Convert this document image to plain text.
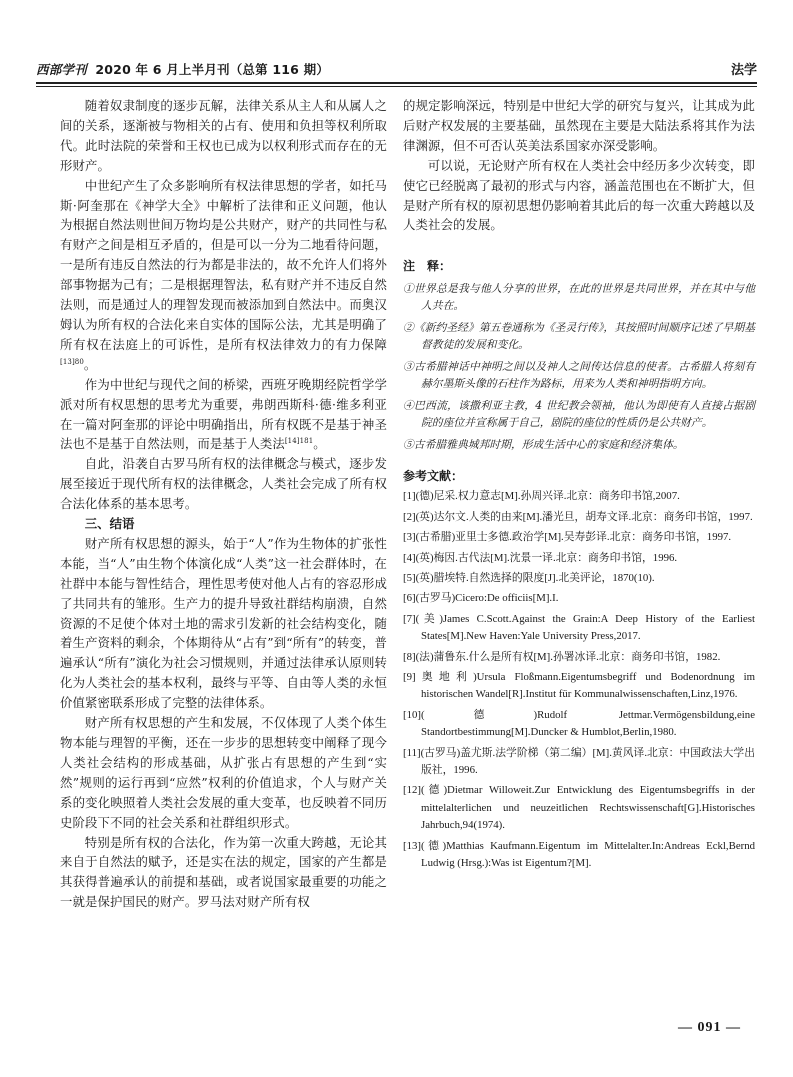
西部学刊 2020 年 6 月上半月刊（总第 116 期）	法学

随着奴隶制度的逐步瓦解，法律关系从主人和从属人之间的关系，逐渐被与物相关的占有、使用和负担等权利所取代。此时法院的荣誉和王权也已成为以权利形式而存在的无形财产。

中世纪产生了众多影响所有权法律思想的学者，如托马斯·阿奎那在《神学大全》中解析了法律和正义问题，他认为根据自然法则世间万物均是公共财产，财产的共同性与私有财产之间是相互矛盾的，但是可以一分为二地看待问题，一是所有违反自然法的行为都是非法的，故不允许人们将外部事物据为己有；二是根据理智法，私有财产并不违反自然法则，而是通过人的理智发现而被添加到自然法中。而奥汉姆认为所有权的合法化来自实体的国际公法，尤其是明确了所有权在法庭上的可诉性，是所有权法律效力的有力保障$^{[13]80}$。

作为中世纪与现代之间的桥梁，西班牙晚期经院哲学学派对所有权思想的思考尤为重要，弗朗西斯科·德·维多利亚在一篇对阿奎那的评论中明确指出，所有权既不是基于神圣法也不是基于自然法则，而是基于人类法$^{[14]181}$。

自此，沿袭自古罗马所有权的法律概念与模式，逐步发展至接近于现代所有权的法律概念，人类社会完成了所有权合法化体系的基本思考。

三、结语

财产所有权思想的源头，始于“人”作为生物体的扩张性本能，当“人”由生物个体演化成“人类”这一社会群体时，在社群中本能与智性结合，理性思考使对他人占有的容忍形成了共同共有的雏形。生产力的提升导致社群结构崩溃，自然资源的不足使个体对土地的需求引发新的社会结构变化，随着生产资料的剩余，个体期待从“占有”到“所有”的转变，普遍承认“所有”演化为社会习惯规则，并通过法律承认原则转化为人类社会的基本权利，最终与平等、自由等人类的永恒价值紧密联系形成了完整的法律体系。

财产所有权思想的产生和发展，不仅体现了人类个体生物本能与理智的平衡，还在一步步的思想转变中阐释了现今人类社会结构的形成基础，从扩张占有思想的产生到“实然”规则的运行再到“应然”权利的价值追求，个人与财产关系的变化映照着人类社会发展的重大变革，也反映着不同历史阶段下不同的社会关系和社群组织形式。

特别是所有权的合法化，作为第一次重大跨越，无论其来自于自然法的赋予，还是实在法的规定，国家的产生都是其获得普遍承认的前提和基础，或者说国家最重要的功能之一就是保护国民的财产。罗马法对财产所有权

的规定影响深远，特别是中世纪大学的研究与复兴，让其成为此后财产权发展的主要基础，虽然现在主要是大陆法系将其作为法律渊源，但不可否认英美法系国家亦深受影响。

可以说，无论财产所有权在人类社会中经历多少次转变，即使它已经脱离了最初的形式与内容，涵盖范围也在不断扩大，但是财产所有权的原初思想仍影响着其此后的每一次重大跨越以及人类社会的发展。

注　释：

①世界总是我与他人分享的世界，在此的世界是共同世界，并在其中与他人共在。

②《新约圣经》第五卷通称为《圣灵行传》，其按照时间顺序记述了早期基督教徒的发展和变化。

③古希腊神话中神明之间以及神人之间传达信息的使者。古希腊人将刻有赫尔墨斯头像的石柱作为路标，用来为人类和神明指明方向。

④巴西流，该撒利亚主教，4 世纪教会领袖，他认为即使有人直接占据剧院的座位并宣称属于自己，剧院的座位的性质仍是公共财产。

⑤古希腊雅典城邦时期，形成生活中心的家庭和经济集体。

参考文献：

[1](德)尼采.权力意志[M].孙周兴译.北京：商务印书馆,2007.

[2](英)达尔文.人类的由来[M].潘光旦，胡寿文译.北京：商务印书馆，1997.

[3](古希腊)亚里士多德.政治学[M].吴寿彭译.北京：商务印书馆，1997.

[4](英)梅因.古代法[M].沈景一译.北京：商务印书馆，1996.

[5](英)腊埃特.自然选择的限度[J].北美评论，1870(10).

[6](古罗马)Cicero:De officiis[M].I.

[7](美)James C.Scott.Against the Grain:A Deep History of the Earliest States[M].New Haven:Yale University Press,2017.

[8](法)蒲鲁东.什么是所有权[M].孙署冰译.北京：商务印书馆，1982.

[9]奥地利)Ursula Floßmann.Eigentumsbegriff und Bodenordnung im historischen Wandel[R].Institut für Kommunalwissenschaften,Linz,1976.

[10](德)Rudolf Jettmar.Vermögensbildung,eine Standortbestimmung[M].Duncker & Humblot,Berlin,1980.

[11](古罗马)盖尤斯.法学阶梯（第二编）[M].黄风译.北京：中国政法大学出版社，1996.

[12](德)Dietmar Willoweit.Zur Entwicklung des Eigentumsbegriffs in der mittelalterlichen und neuzeitlichen Rechtswissenschaft[G].Historisches Jahrbuch,94(1974).

[13](德)Matthias Kaufmann.Eigentum im Mittelalter.In:Andreas Eckl,Bernd Ludwig (Hrsg.):Was ist Eigentum?[M].

— 091 —
